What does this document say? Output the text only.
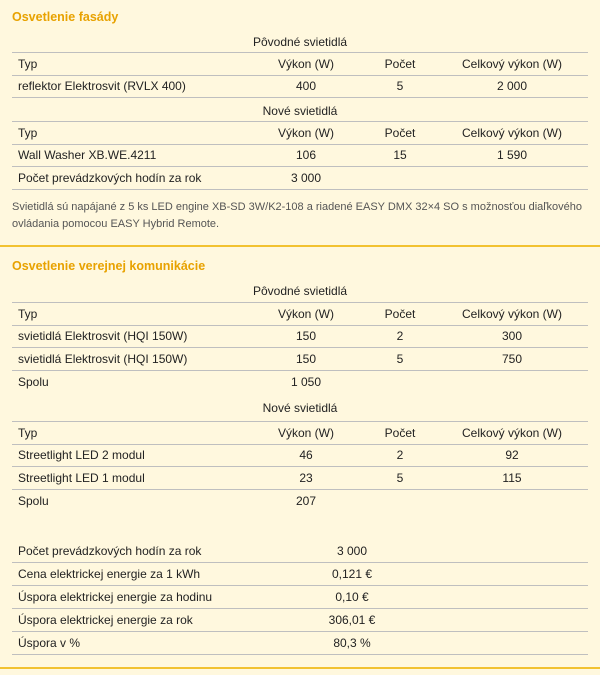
Osvetlenie fasády
Pôvodné svietidlá
Typ	Výkon (W)	Počet	Celkový výkon (W)
reflektor Elektrosvit (RVLX 400)	400	5	2 000
Nové svietidlá
Typ	Výkon (W)	Počet	Celkový výkon (W)
Wall Washer XB.WE.4211	106	15	1 590
Počet prevádzkových hodín za rok	3 000
Svietidlá sú napájané z 5 ks LED engine XB-SD 3W/K2-108 a riadené EASY DMX 32×4 SO s možnosťou diaľkového ovládania pomocou EASY Hybrid Remote.
Osvetlenie verejnej komunikácie
Pôvodné svietidlá
Typ	Výkon (W)	Počet	Celkový výkon (W)
svietidlá Elektrosvit (HQI 150W)	150	2	300
svietidlá Elektrosvit (HQI 150W)	150	5	750
Spolu	1 050
Nové svietidlá
Typ	Výkon (W)	Počet	Celkový výkon (W)
Streetlight LED 2 modul	46	2	92
Streetlight LED 1 modul	23	5	115
Spolu	207
Počet prevádzkových hodín za rok	3 000
Cena elektrickej energie za 1 kWh	0,121 €
Úspora elektrickej energie za hodinu	0,10 €
Úspora elektrickej energie za rok	306,01 €
Úspora v %	80,3 %
